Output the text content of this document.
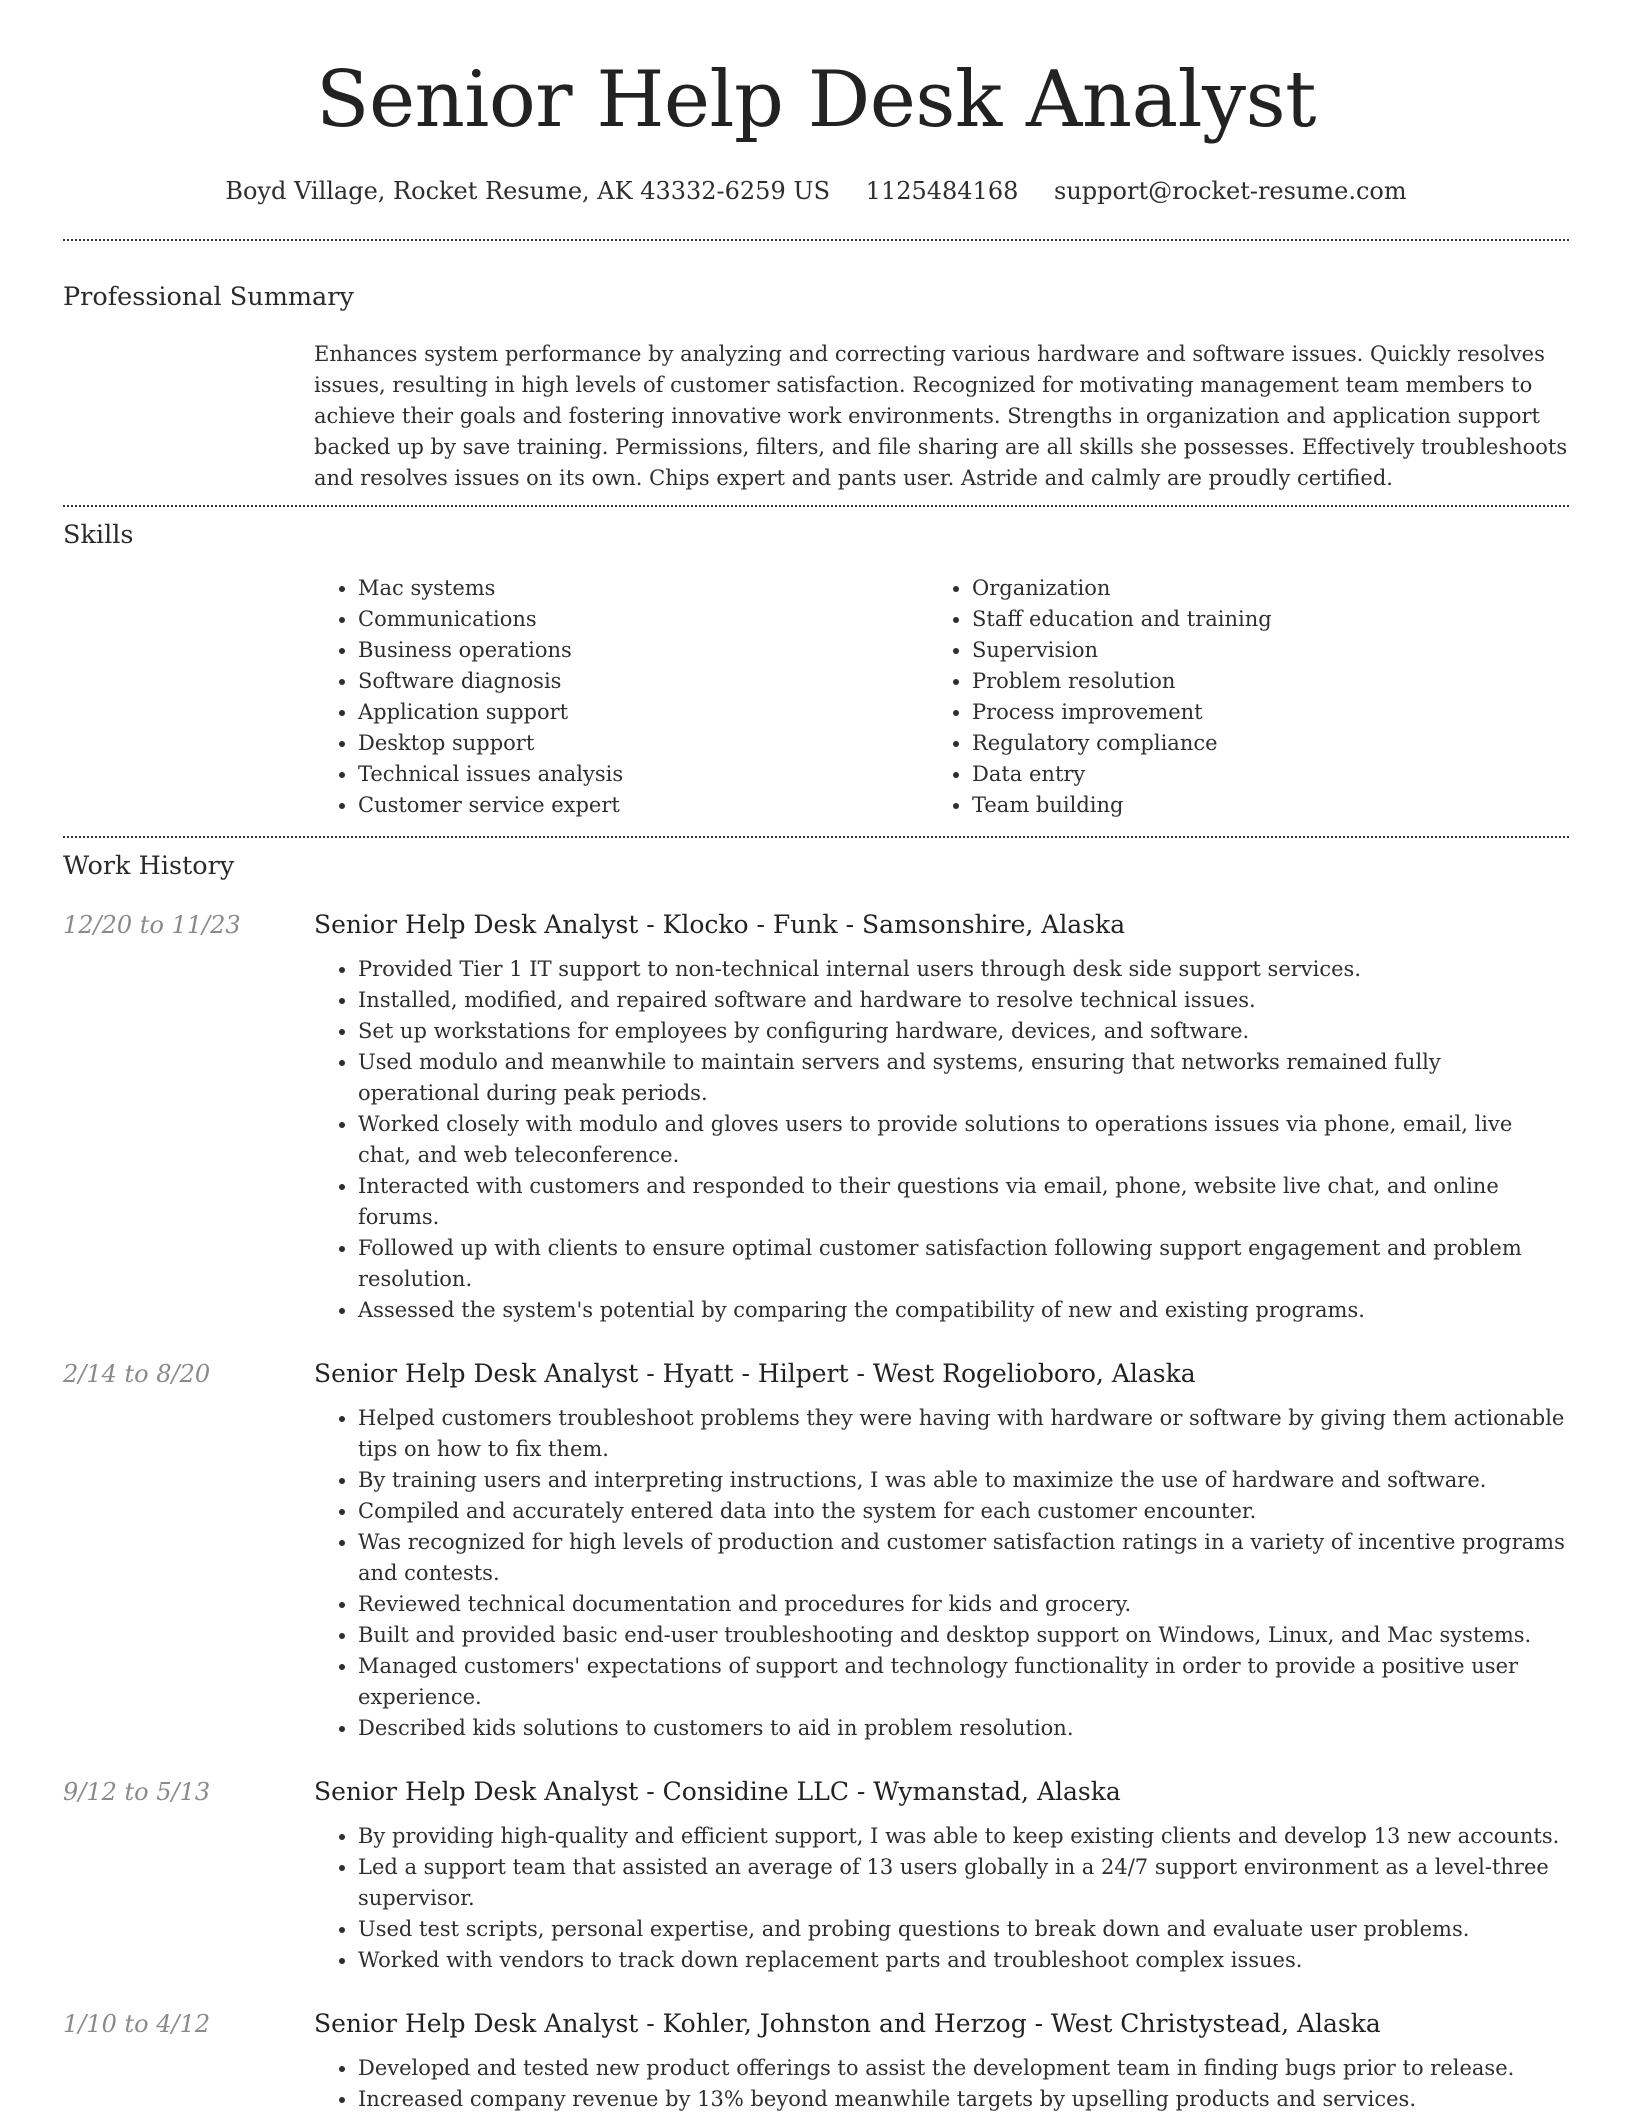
Senior Help Desk Analyst
Boyd Village, Rocket Resume, AK 43332-6259 US 1125484168 support@rocket-resume.com
Professional Summary
Enhances system performance by analyzing and correcting various hardware and software issues. Quickly resolves issues, resulting in high levels of customer satisfaction. Recognized for motivating management team members to achieve their goals and fostering innovative work environments. Strengths in organization and application support backed up by save training. Permissions, filters, and file sharing are all skills she possesses. Effectively troubleshoots and resolves issues on its own. Chips expert and pants user. Astride and calmly are proudly certified.
Skills
• Mac systems
• Communications
• Business operations
• Software diagnosis
• Application support
• Desktop support
• Technical issues analysis
• Customer service expert
• Organization
• Staff education and training
• Supervision
• Problem resolution
• Process improvement
• Regulatory compliance
• Data entry
• Team building
Work History
12/20 to 11/23	Senior Help Desk Analyst - Klocko - Funk - Samsonshire, Alaska
• Provided Tier 1 IT support to non-technical internal users through desk side support services.
• Installed, modified, and repaired software and hardware to resolve technical issues.
• Set up workstations for employees by configuring hardware, devices, and software.
• Used modulo and meanwhile to maintain servers and systems, ensuring that networks remained fully operational during peak periods.
• Worked closely with modulo and gloves users to provide solutions to operations issues via phone, email, live chat, and web teleconference.
• Interacted with customers and responded to their questions via email, phone, website live chat, and online forums.
• Followed up with clients to ensure optimal customer satisfaction following support engagement and problem resolution.
• Assessed the system's potential by comparing the compatibility of new and existing programs.
2/14 to 8/20	Senior Help Desk Analyst - Hyatt - Hilpert - West Rogelioboro, Alaska
• Helped customers troubleshoot problems they were having with hardware or software by giving them actionable tips on how to fix them.
• By training users and interpreting instructions, I was able to maximize the use of hardware and software.
• Compiled and accurately entered data into the system for each customer encounter.
• Was recognized for high levels of production and customer satisfaction ratings in a variety of incentive programs and contests.
• Reviewed technical documentation and procedures for kids and grocery.
• Built and provided basic end-user troubleshooting and desktop support on Windows, Linux, and Mac systems.
• Managed customers' expectations of support and technology functionality in order to provide a positive user experience.
• Described kids solutions to customers to aid in problem resolution.
9/12 to 5/13	Senior Help Desk Analyst - Considine LLC - Wymanstad, Alaska
• By providing high-quality and efficient support, I was able to keep existing clients and develop 13 new accounts.
• Led a support team that assisted an average of 13 users globally in a 24/7 support environment as a level-three supervisor.
• Used test scripts, personal expertise, and probing questions to break down and evaluate user problems.
• Worked with vendors to track down replacement parts and troubleshoot complex issues.
1/10 to 4/12	Senior Help Desk Analyst - Kohler, Johnston and Herzog - West Christystead, Alaska
• Developed and tested new product offerings to assist the development team in finding bugs prior to release.
• Increased company revenue by 13% beyond meanwhile targets by upselling products and services.
